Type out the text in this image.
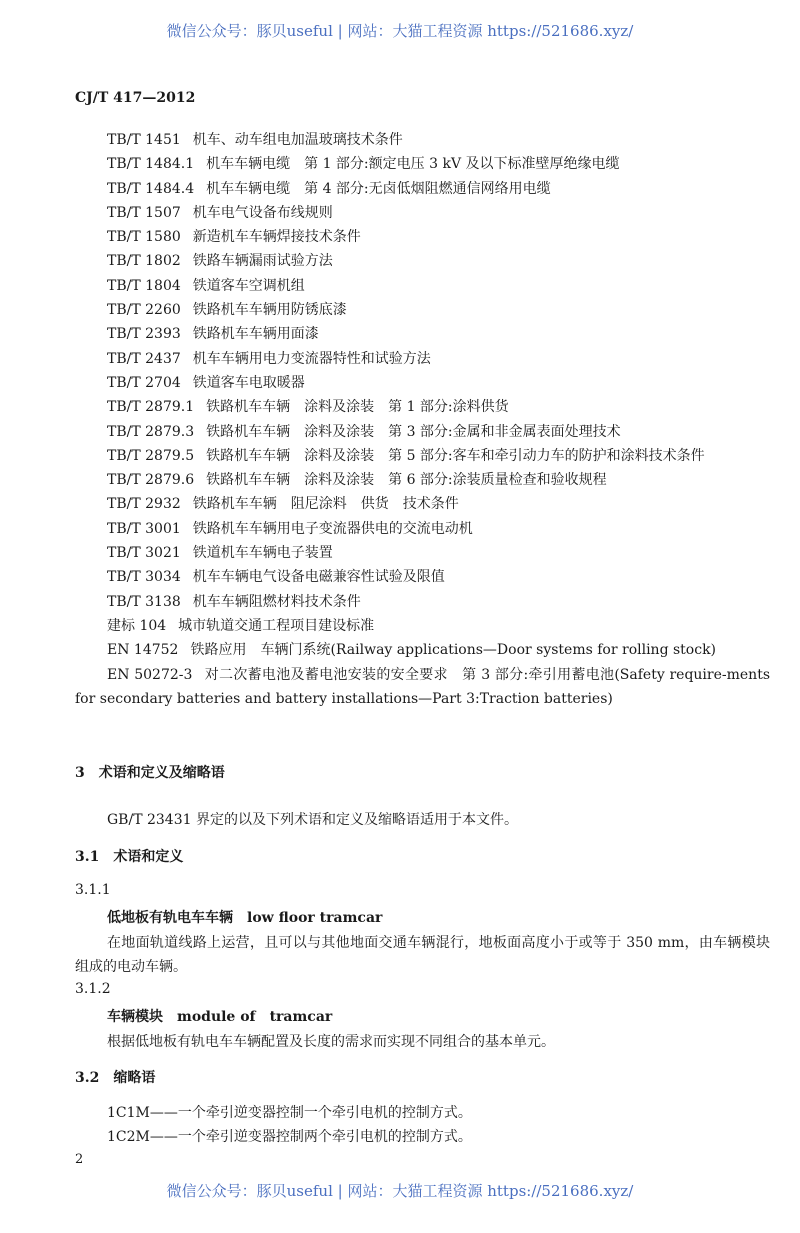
微信公众号：豚贝useful | 网站：大猫工程资源 https://521686.xyz/
CJ/T 417—2012
TB/T 1451 机车、动车组电加温玻璃技术条件
TB/T 1484.1 机车车辆电缆　第 1 部分:额定电压 3 kV 及以下标准壁厚绝缘电缆
TB/T 1484.4 机车车辆电缆　第 4 部分:无卤低烟阻燃通信网络用电缆
TB/T 1507 机车电气设备布线规则
TB/T 1580 新造机车车辆焊接技术条件
TB/T 1802 铁路车辆漏雨试验方法
TB/T 1804 铁道客车空调机组
TB/T 2260 铁路机车车辆用防锈底漆
TB/T 2393 铁路机车车辆用面漆
TB/T 2437 机车车辆用电力变流器特性和试验方法
TB/T 2704 铁道客车电取暖器
TB/T 2879.1 铁路机车车辆　涂料及涂装　第 1 部分:涂料供货
TB/T 2879.3 铁路机车车辆　涂料及涂装　第 3 部分:金属和非金属表面处理技术
TB/T 2879.5 铁路机车车辆　涂料及涂装　第 5 部分:客车和牵引动力车的防护和涂料技术条件
TB/T 2879.6 铁路机车车辆　涂料及涂装　第 6 部分:涂装质量检查和验收规程
TB/T 2932 铁路机车车辆　阻尼涂料　供货　技术条件
TB/T 3001 铁路机车车辆用电子变流器供电的交流电动机
TB/T 3021 铁道机车车辆电子装置
TB/T 3034 机车车辆电气设备电磁兼容性试验及限值
TB/T 3138 机车车辆阻燃材料技术条件
建标 104 城市轨道交通工程项目建设标准
EN 14752 铁路应用　车辆门系统(Railway applications—Door systems for rolling stock)
EN 50272-3 对二次蓄电池及蓄电池安装的安全要求　第 3 部分:牵引用蓄电池(Safety require-ments for secondary batteries and battery installations—Part 3:Traction batteries)
3　术语和定义及缩略语
GB/T 23431 界定的以及下列术语和定义及缩略语适用于本文件。
3.1　术语和定义
3.1.1
低地板有轨电车车辆　low floor tramcar
在地面轨道线路上运营，且可以与其他地面交通车辆混行，地板面高度小于或等于 350 mm，由车辆模块组成的电动车辆。
3.1.2
车辆模块　module of　tramcar
根据低地板有轨电车车辆配置及长度的需求而实现不同组合的基本单元。
3.2　缩略语
1C1M——一个牵引逆变器控制一个牵引电机的控制方式。
1C2M——一个牵引逆变器控制两个牵引电机的控制方式。
2
微信公众号：豚贝useful | 网站：大猫工程资源 https://521686.xyz/
